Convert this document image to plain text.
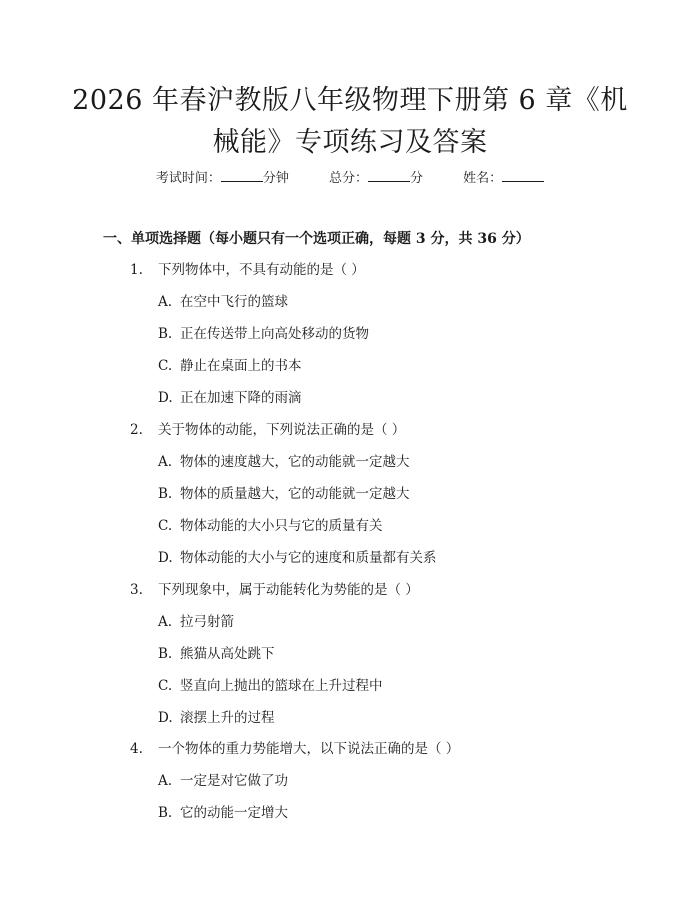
2026 年春沪教版八年级物理下册第 6 章《机
械能》专项练习及答案
考试时间：	分钟	总分：	分	姓名：
一、单项选择题（每小题只有一个选项正确，每题 3 分，共 36 分）
1. 下列物体中，不具有动能的是（ ）
A. 在空中飞行的篮球
B. 正在传送带上向高处移动的货物
C. 静止在桌面上的书本
D. 正在加速下降的雨滴
2. 关于物体的动能，下列说法正确的是（ ）
A. 物体的速度越大，它的动能就一定越大
B. 物体的质量越大，它的动能就一定越大
C. 物体动能的大小只与它的质量有关
D. 物体动能的大小与它的速度和质量都有关系
3. 下列现象中，属于动能转化为势能的是（ ）
A. 拉弓射箭
B. 熊猫从高处跳下
C. 竖直向上抛出的篮球在上升过程中
D. 滚摆上升的过程
4. 一个物体的重力势能增大，以下说法正确的是（ ）
A. 一定是对它做了功
B. 它的动能一定增大
